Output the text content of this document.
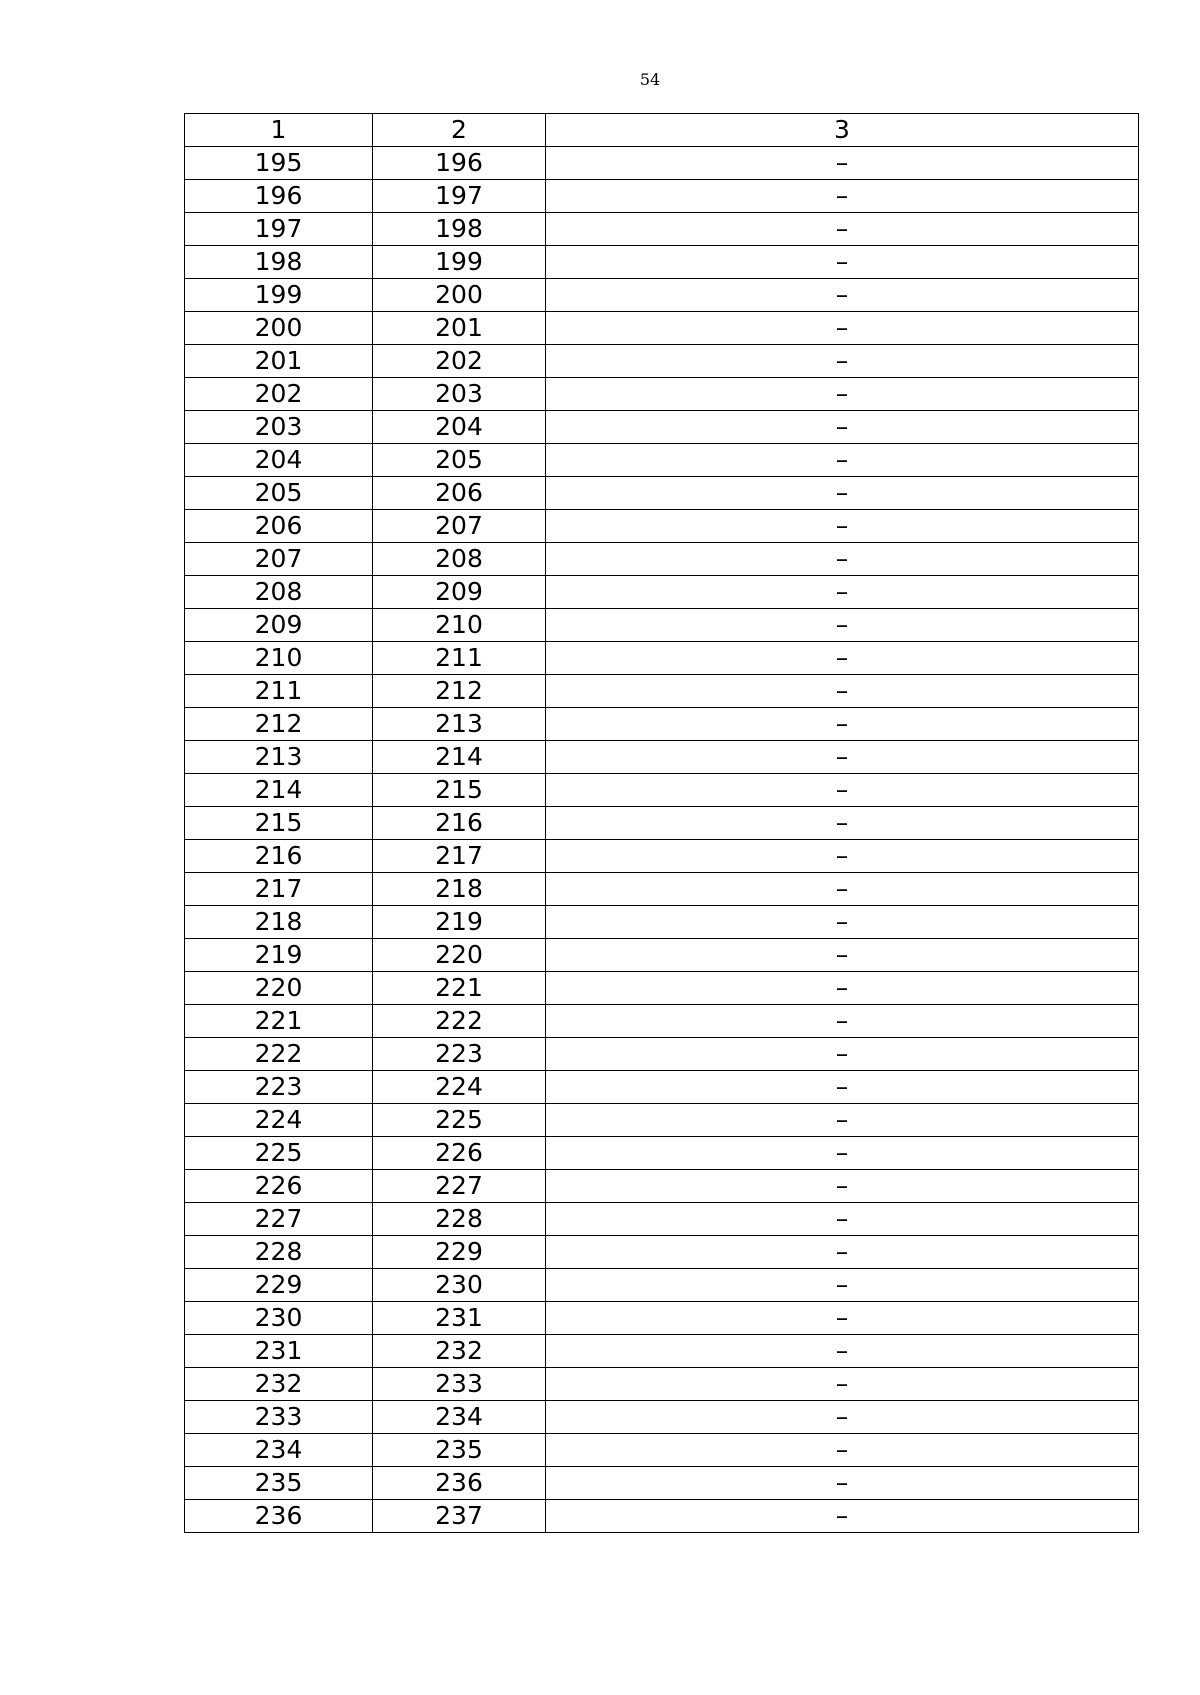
54
1	2	3
195	196	–
196	197	–
197	198	–
198	199	–
199	200	–
200	201	–
201	202	–
202	203	–
203	204	–
204	205	–
205	206	–
206	207	–
207	208	–
208	209	–
209	210	–
210	211	–
211	212	–
212	213	–
213	214	–
214	215	–
215	216	–
216	217	–
217	218	–
218	219	–
219	220	–
220	221	–
221	222	–
222	223	–
223	224	–
224	225	–
225	226	–
226	227	–
227	228	–
228	229	–
229	230	–
230	231	–
231	232	–
232	233	–
233	234	–
234	235	–
235	236	–
236	237	–
